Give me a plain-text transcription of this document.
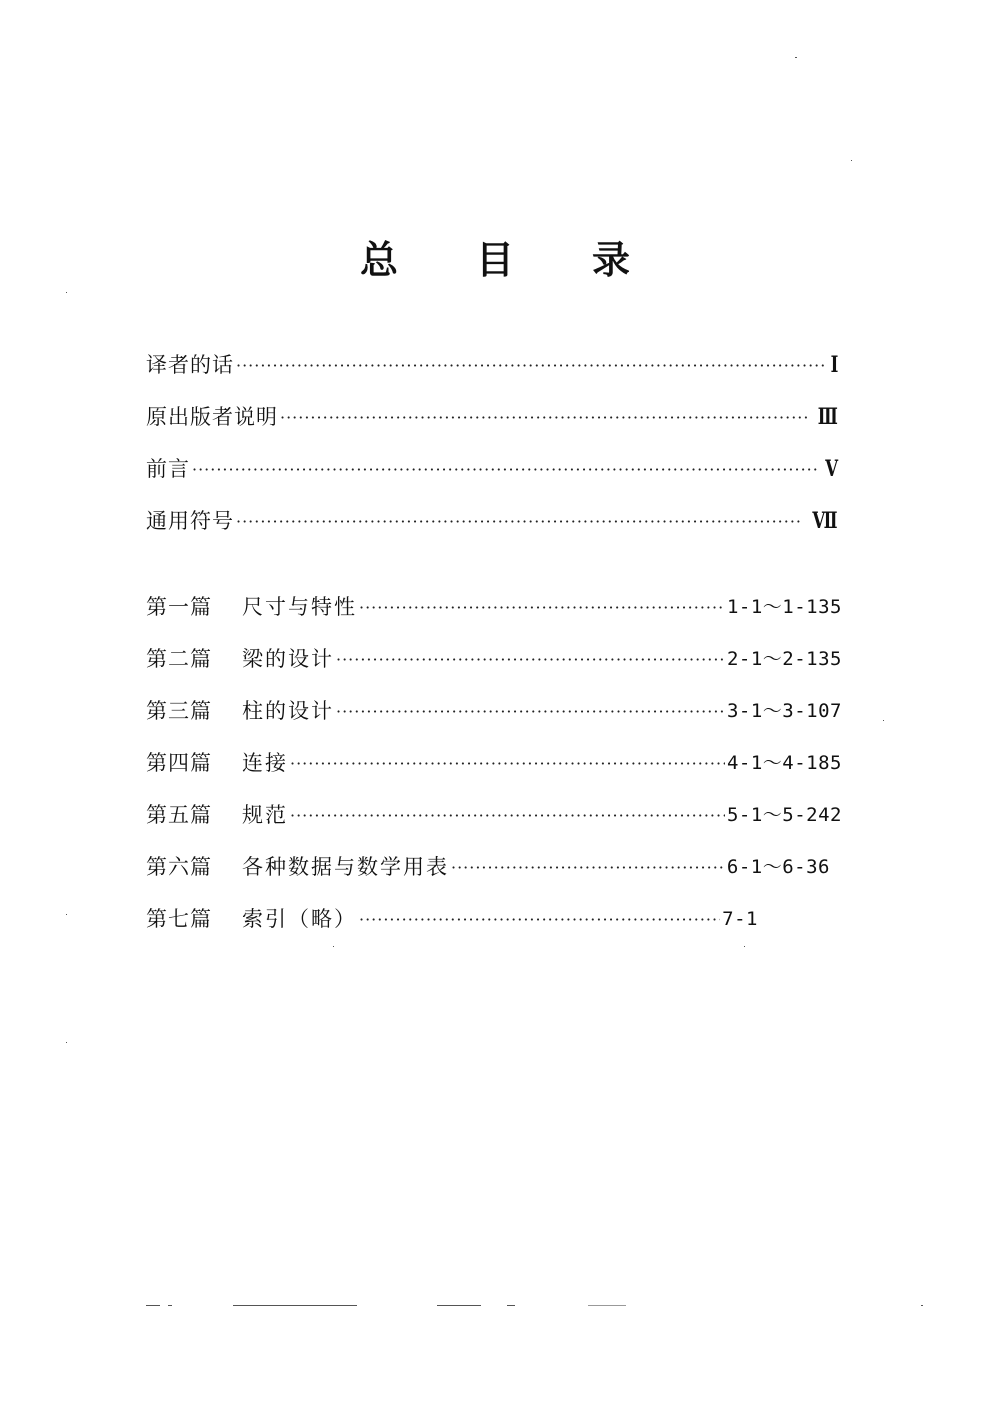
总 目 录
译者的话 ·····	Ⅰ
原出版者说明 ·····	Ⅲ
前言 ·····	Ⅴ
通用符号 ·····	Ⅶ
第一篇	尺寸与特性 ·····	1-1～1-135
第二篇	梁的设计 ·····	2-1～2-135
第三篇	柱的设计 ·····	3-1～3-107
第四篇	连接 ·····	4-1～4-185
第五篇	规范 ·····	5-1～5-242
第六篇	各种数据与数学用表 ·····	6-1～6-36
第七篇	索引（略） ·····	7-1
